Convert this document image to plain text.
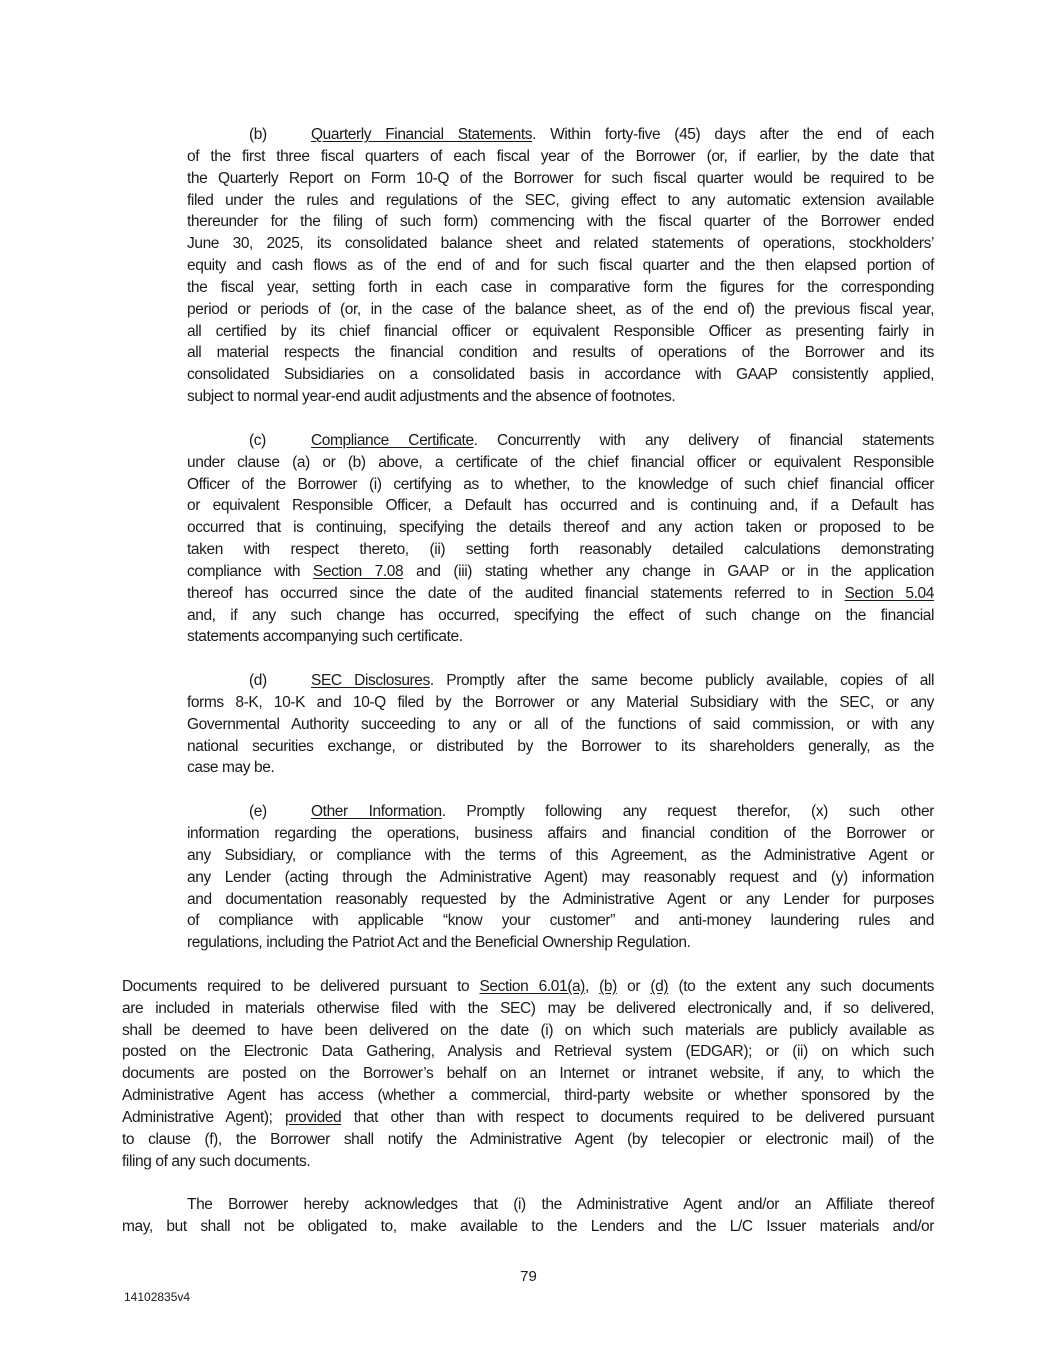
(b)	Quarterly Financial Statements. Within forty-five (45) days after the end of each
of the first three fiscal quarters of each fiscal year of the Borrower (or, if earlier, by the date that
the Quarterly Report on Form 10-Q of the Borrower for such fiscal quarter would be required to be
filed under the rules and regulations of the SEC, giving effect to any automatic extension available
thereunder for the filing of such form) commencing with the fiscal quarter of the Borrower ended
June 30, 2025, its consolidated balance sheet and related statements of operations, stockholders’
equity and cash flows as of the end of and for such fiscal quarter and the then elapsed portion of
the fiscal year, setting forth in each case in comparative form the figures for the corresponding
period or periods of (or, in the case of the balance sheet, as of the end of) the previous fiscal year,
all certified by its chief financial officer or equivalent Responsible Officer as presenting fairly in
all material respects the financial condition and results of operations of the Borrower and its
consolidated Subsidiaries on a consolidated basis in accordance with GAAP consistently applied,
subject to normal year-end audit adjustments and the absence of footnotes.
(c)	Compliance Certificate. Concurrently with any delivery of financial statements
under clause (a) or (b) above, a certificate of the chief financial officer or equivalent Responsible
Officer of the Borrower (i) certifying as to whether, to the knowledge of such chief financial officer
or equivalent Responsible Officer, a Default has occurred and is continuing and, if a Default has
occurred that is continuing, specifying the details thereof and any action taken or proposed to be
taken with respect thereto, (ii) setting forth reasonably detailed calculations demonstrating
compliance with Section 7.08 and (iii) stating whether any change in GAAP or in the application
thereof has occurred since the date of the audited financial statements referred to in Section 5.04
and, if any such change has occurred, specifying the effect of such change on the financial
statements accompanying such certificate.
(d)	SEC Disclosures. Promptly after the same become publicly available, copies of all
forms 8-K, 10-K and 10-Q filed by the Borrower or any Material Subsidiary with the SEC, or any
Governmental Authority succeeding to any or all of the functions of said commission, or with any
national securities exchange, or distributed by the Borrower to its shareholders generally, as the
case may be.
(e)	Other Information. Promptly following any request therefor, (x) such other
information regarding the operations, business affairs and financial condition of the Borrower or
any Subsidiary, or compliance with the terms of this Agreement, as the Administrative Agent or
any Lender (acting through the Administrative Agent) may reasonably request and (y) information
and documentation reasonably requested by the Administrative Agent or any Lender for purposes
of compliance with applicable “know your customer” and anti-money laundering rules and
regulations, including the Patriot Act and the Beneficial Ownership Regulation.
Documents required to be delivered pursuant to Section 6.01(a), (b) or (d) (to the extent any such documents
are included in materials otherwise filed with the SEC) may be delivered electronically and, if so delivered,
shall be deemed to have been delivered on the date (i) on which such materials are publicly available as
posted on the Electronic Data Gathering, Analysis and Retrieval system (EDGAR); or (ii) on which such
documents are posted on the Borrower’s behalf on an Internet or intranet website, if any, to which the
Administrative Agent has access (whether a commercial, third-party website or whether sponsored by the
Administrative Agent); provided that other than with respect to documents required to be delivered pursuant
to clause (f), the Borrower shall notify the Administrative Agent (by telecopier or electronic mail) of the
filing of any such documents.
The Borrower hereby acknowledges that (i) the Administrative Agent and/or an Affiliate thereof
may, but shall not be obligated to, make available to the Lenders and the L/C Issuer materials and/or
79
14102835v4
